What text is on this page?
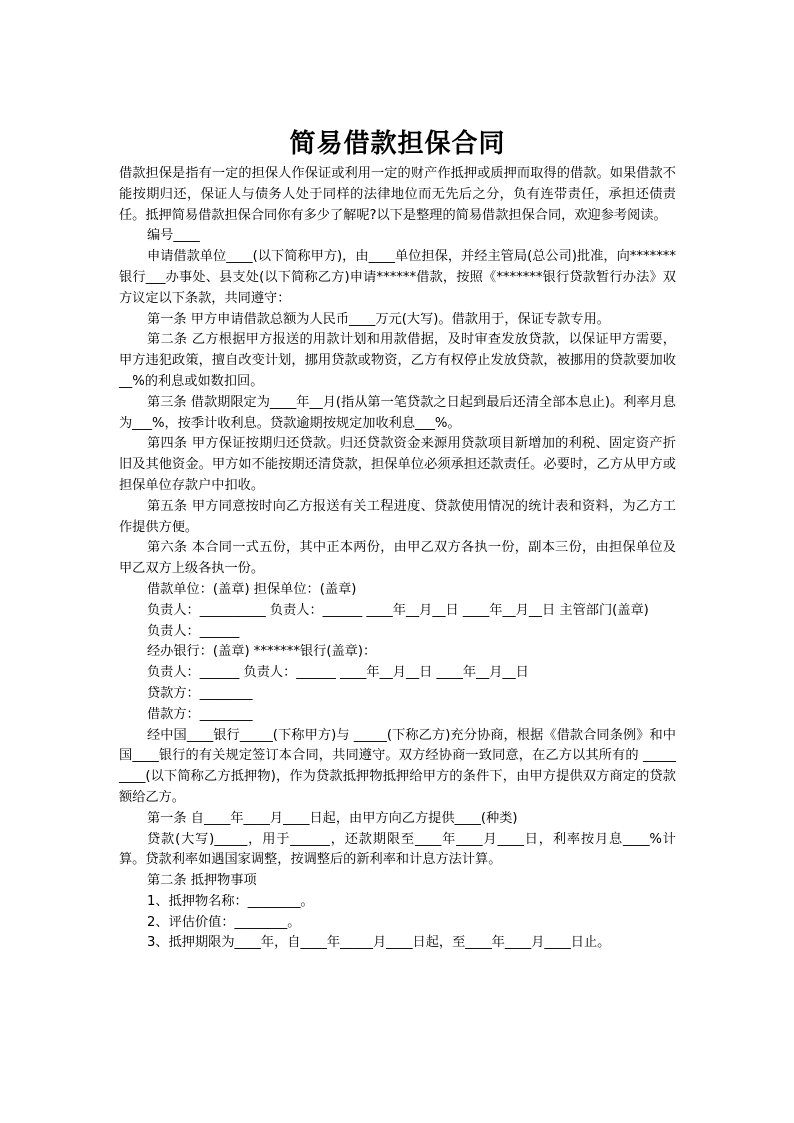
简易借款担保合同

借款担保是指有一定的担保人作保证或利用一定的财产作抵押或质押而取得的借款。如果借款不能按期归还，保证人与债务人处于同样的法律地位而无先后之分，负有连带责任，承担还债责任。抵押简易借款担保合同你有多少了解呢?以下是整理的简易借款担保合同，欢迎参考阅读。

编号____

申请借款单位____(以下简称甲方)，由____单位担保，并经主管局(总公司)批准，向*******银行___办事处、县支处(以下简称乙方)申请******借款，按照《*******银行贷款暂行办法》双方议定以下条款，共同遵守：

第一条 甲方申请借款总额为人民币____万元(大写)。借款用于，保证专款专用。

第二条 乙方根据甲方报送的用款计划和用款借据，及时审查发放贷款，以保证甲方需要，甲方违犯政策，擅自改变计划，挪用贷款或物资，乙方有权停止发放贷款，被挪用的贷款要加收__%的利息或如数扣回。

第三条 借款期限定为____年__月(指从第一笔贷款之日起到最后还清全部本息止)。利率月息为___%，按季计收利息。贷款逾期按规定加收利息___%。

第四条 甲方保证按期归还贷款。归还贷款资金来源用贷款项目新增加的利税、固定资产折旧及其他资金。甲方如不能按期还清贷款，担保单位必须承担还款责任。必要时，乙方从甲方或担保单位存款户中扣收。

第五条 甲方同意按时向乙方报送有关工程进度、贷款使用情况的统计表和资料，为乙方工作提供方便。

第六条 本合同一式五份，其中正本两份，由甲乙双方各执一份，副本三份，由担保单位及甲乙双方上级各执一份。

借款单位：(盖章) 担保单位：(盖章)

负责人：__________ 负责人：______ ____年__月__日 ____年__月__日 主管部门(盖章)

负责人：______

经办银行：(盖章) *******银行(盖章)：

负责人：______ 负责人：______ ____年__月__日 ____年__月__日

贷款方：________

借款方：________

经中国____银行_____(下称甲方)与 _____(下称乙方)充分协商，根据《借款合同条例》和中国____银行的有关规定签订本合同，共同遵守。双方经协商一致同意，在乙方以其所有的 _________(以下简称乙方抵押物)，作为贷款抵押物抵押给甲方的条件下，由甲方提供双方商定的贷款额给乙方。

第一条 自____年____月____日起，由甲方向乙方提供____(种类)

贷款(大写)_____，用于______，还款期限至____年____月____日，利率按月息____%计算。贷款利率如遇国家调整，按调整后的新利率和计息方法计算。

第二条 抵押物事项

1、抵押物名称：________。

2、评估价值：________。

3、抵押期限为____年，自____年_____月____日起，至____年____月____日止。
